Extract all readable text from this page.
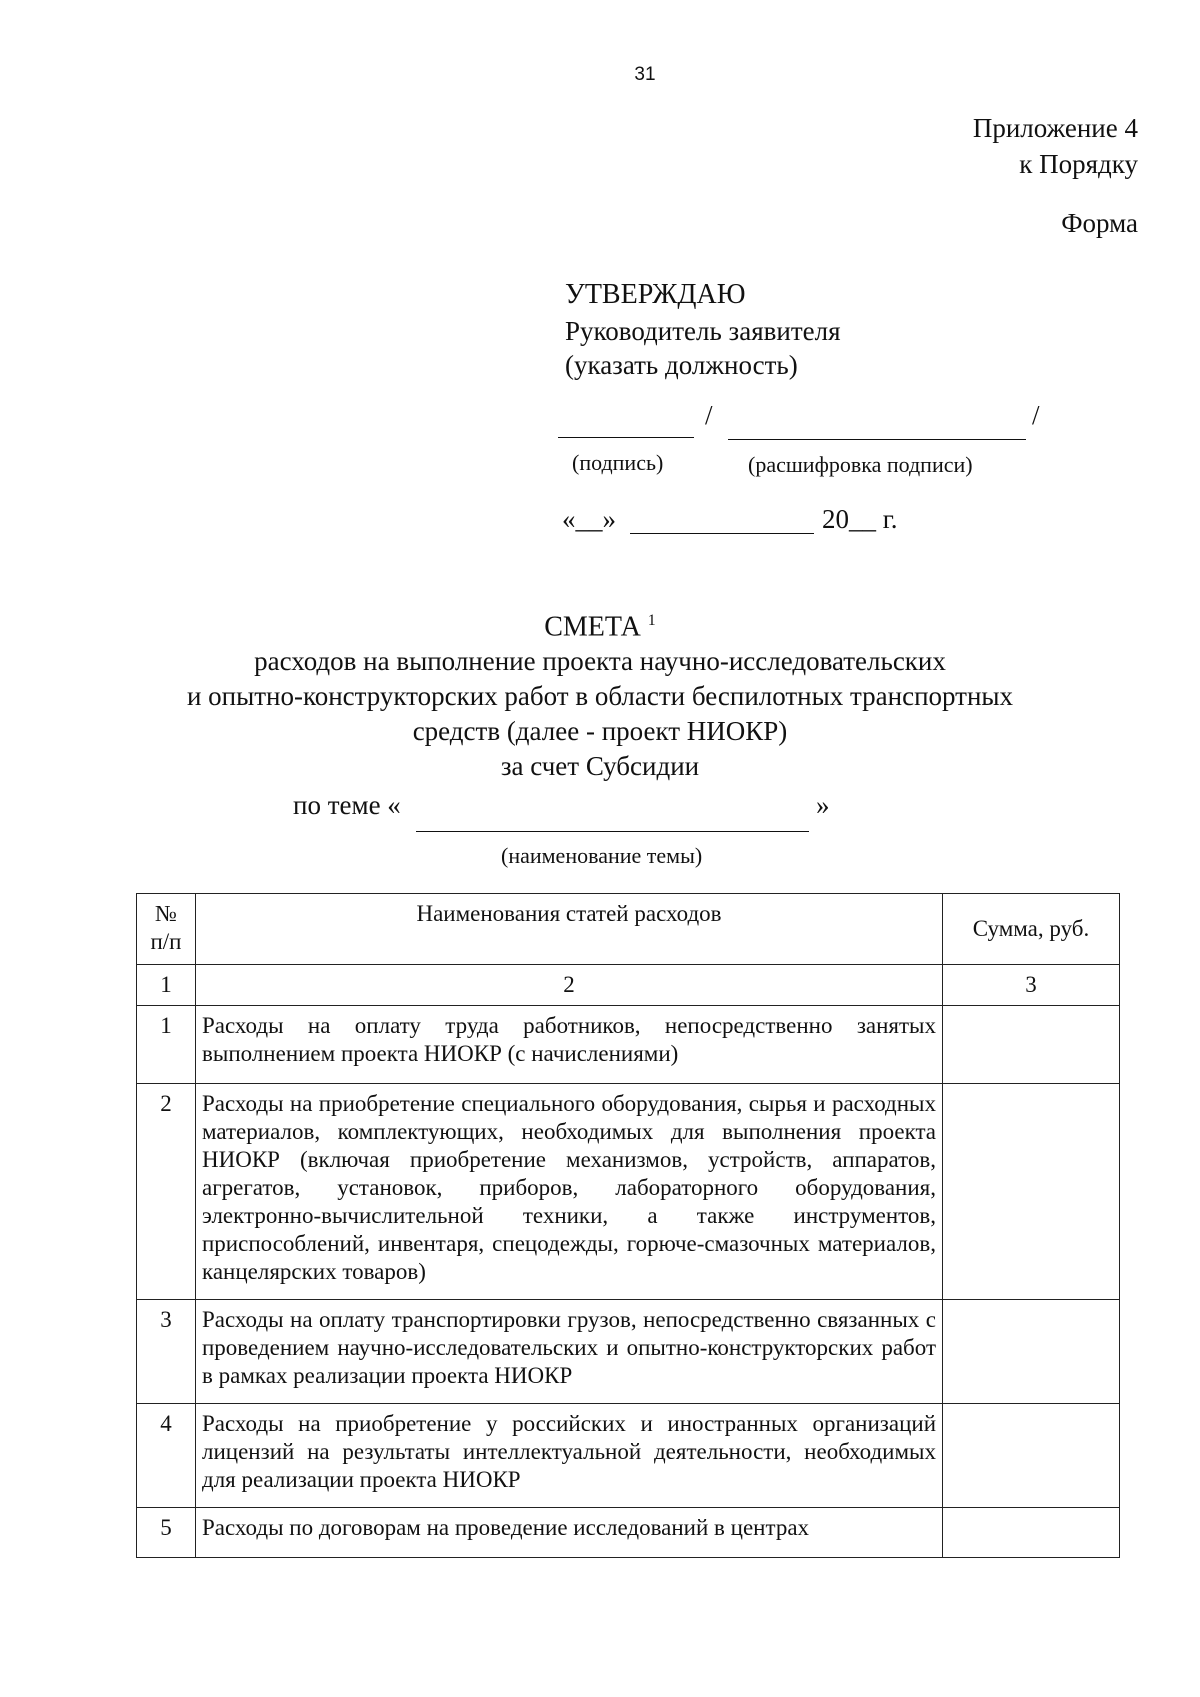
31
Приложение 4
к Порядку
Форма
УТВЕРЖДАЮ
Руководитель заявителя
(указать должность)
/	/
(подпись)	(расшифровка подписи)
«__»	20__ г.
СМЕТА $^1$
расходов на выполнение проекта научно-исследовательских
и опытно-конструкторских работ в области беспилотных транспортных
средств (далее - проект НИОКР)
за счет Субсидии
по теме «	»
(наименование темы)
№ п/п	Наименования статей расходов	Сумма, руб.
1	2	3
1	Расходы на оплату труда работников, непосредственно занятых выполнением проекта НИОКР (с начислениями)	
2	Расходы на приобретение специального оборудования, сырья и расходных материалов, комплектующих, необходимых для выполнения проекта НИОКР (включая приобретение механизмов, устройств, аппаратов, агрегатов, установок, приборов, лабораторного оборудования, электронно-вычислительной техники, а также инструментов, приспособлений, инвентаря, спецодежды, горюче-смазочных материалов, канцелярских товаров)	
3	Расходы на оплату транспортировки грузов, непосредственно связанных с проведением научно-исследовательских и опытно-конструкторских работ в рамках реализации проекта НИОКР	
4	Расходы на приобретение у российских и иностранных организаций лицензий на результаты интеллектуальной деятельности, необходимых для реализации проекта НИОКР	
5	Расходы по договорам на проведение исследований в центрах	
